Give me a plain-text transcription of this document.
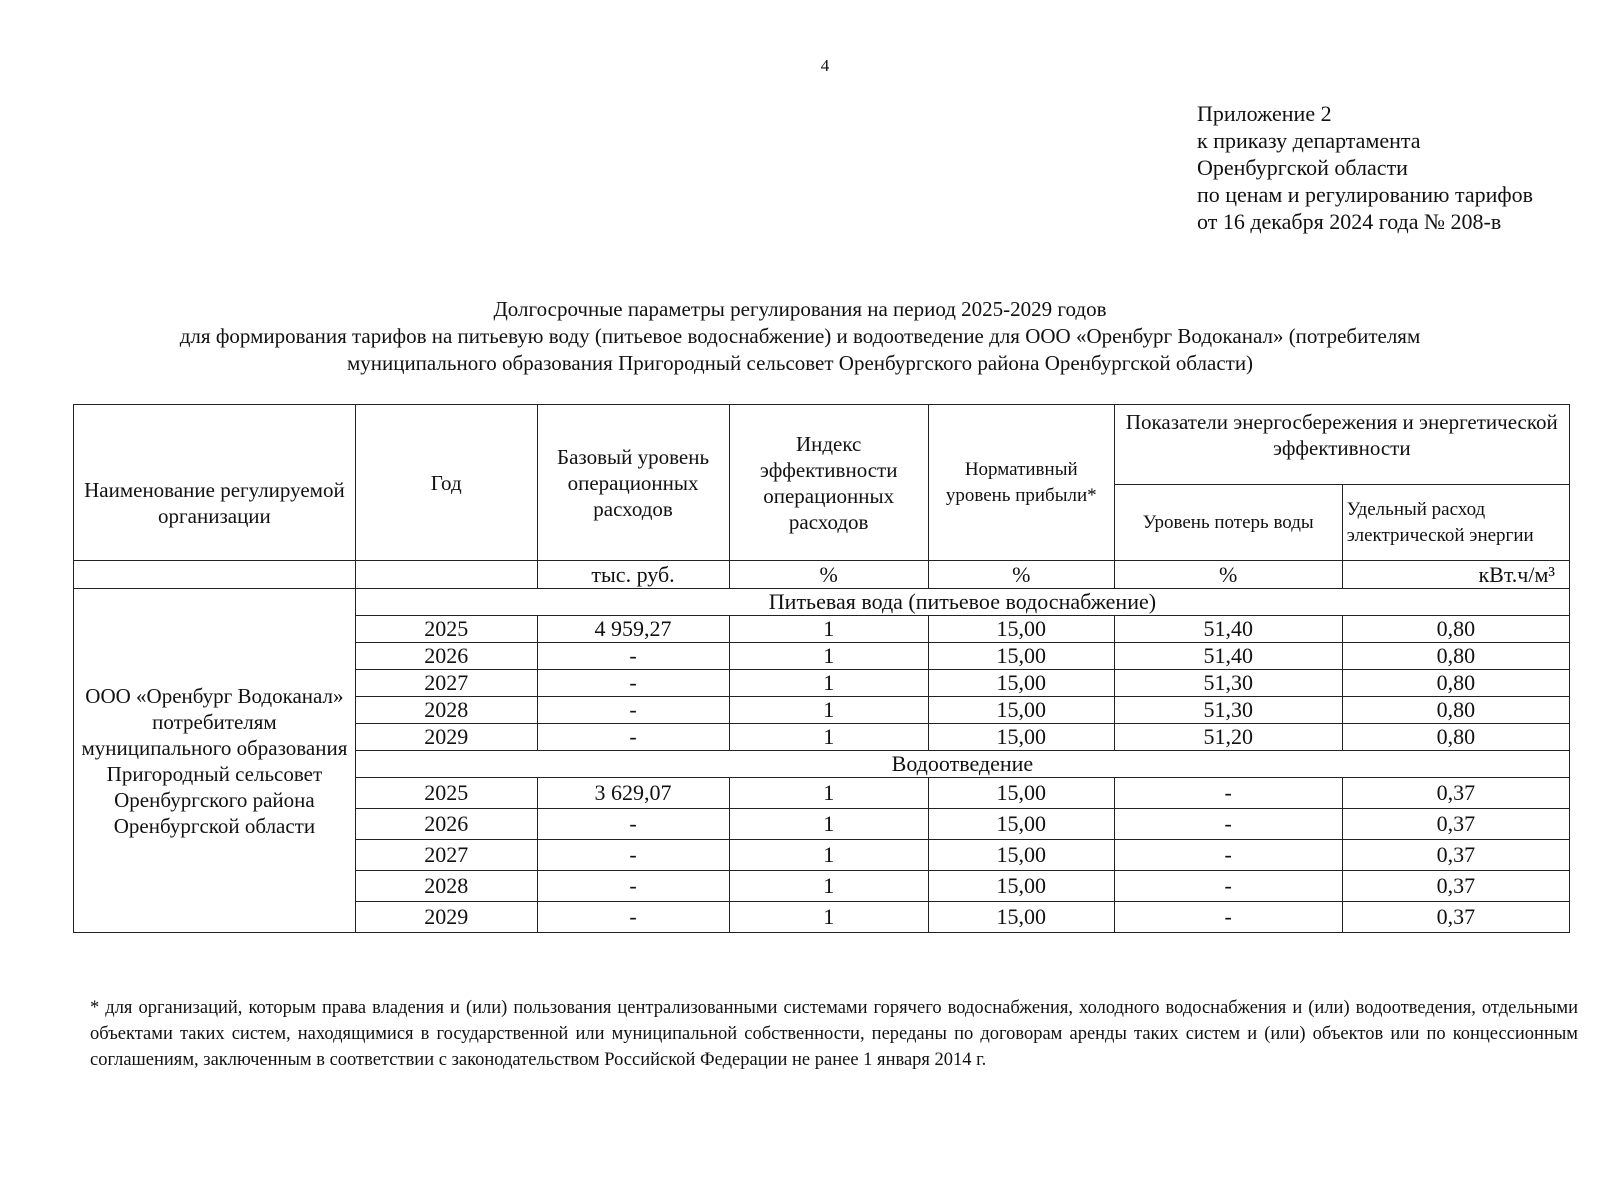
4
Приложение 2
к приказу департамента
Оренбургской области
по ценам и регулированию тарифов
от 16 декабря 2024 года № 208-в
Долгосрочные параметры регулирования на период 2025-2029 годов
для формирования тарифов на питьевую воду (питьевое водоснабжение) и водоотведение для ООО «Оренбург Водоканал» (потребителям
муниципального образования Пригородный сельсовет Оренбургского района Оренбургской области)
Наименование регулируемой организации	Год	Базовый уровень операционных расходов	Индекс эффективности операционных расходов	Нормативный уровень прибыли*	Показатели энергосбережения и энергетической эффективности	
					Уровень потерь воды	Удельный расход электрической энергии
		тыс. руб.	%	%	%	кВт.ч/м³
ООО «Оренбург Водоканал» потребителям муниципального образования Пригородный сельсовет Оренбургского района Оренбургской области	Питьевая вода (питьевое водоснабжение)					
	2025	4 959,27	1	15,00	51,40	0,80
	2026	-	1	15,00	51,40	0,80
	2027	-	1	15,00	51,30	0,80
	2028	-	1	15,00	51,30	0,80
	2029	-	1	15,00	51,20	0,80
	Водоотведение					
	2025	3 629,07	1	15,00	-	0,37
	2026	-	1	15,00	-	0,37
	2027	-	1	15,00	-	0,37
	2028	-	1	15,00	-	0,37
	2029	-	1	15,00	-	0,37
* для организаций, которым права владения и (или) пользования централизованными системами горячего водоснабжения, холодного водоснабжения и (или) водоотведения, отдельными объектами таких систем, находящимися в государственной или муниципальной собственности, переданы по договорам аренды таких систем и (или) объектов или по концессионным соглашениям, заключенным в соответствии с законодательством Российской Федерации не ранее 1 января 2014 г.
